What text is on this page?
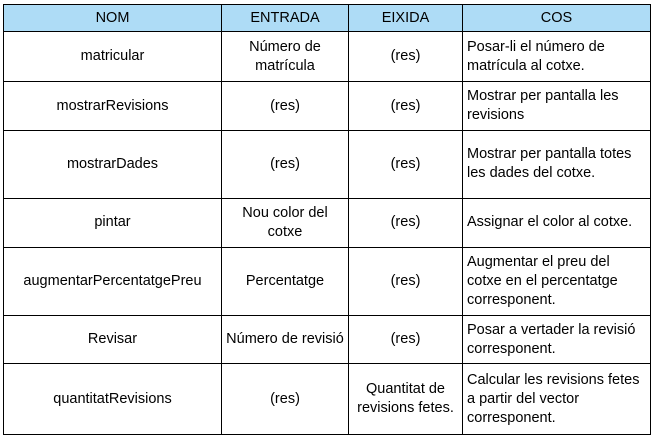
NOM	ENTRADA	EIXIDA	COS
matricular	Número de matrícula	(res)	Posar-li el número de matrícula al cotxe.
mostrarRevisions	(res)	(res)	Mostrar per pantalla les revisions
mostrarDades	(res)	(res)	Mostrar per pantalla totes les dades del cotxe.
pintar	Nou color del cotxe	(res)	Assignar el color al cotxe.
augmentarPercentatgePreu	Percentatge	(res)	Augmentar el preu del cotxe en el percentatge corresponent.
Revisar	Número de revisió	(res)	Posar a vertader la revisió corresponent.
quantitatRevisions	(res)	Quantitat de revisions fetes.	Calcular les revisions fetes a partir del vector corresponent.
